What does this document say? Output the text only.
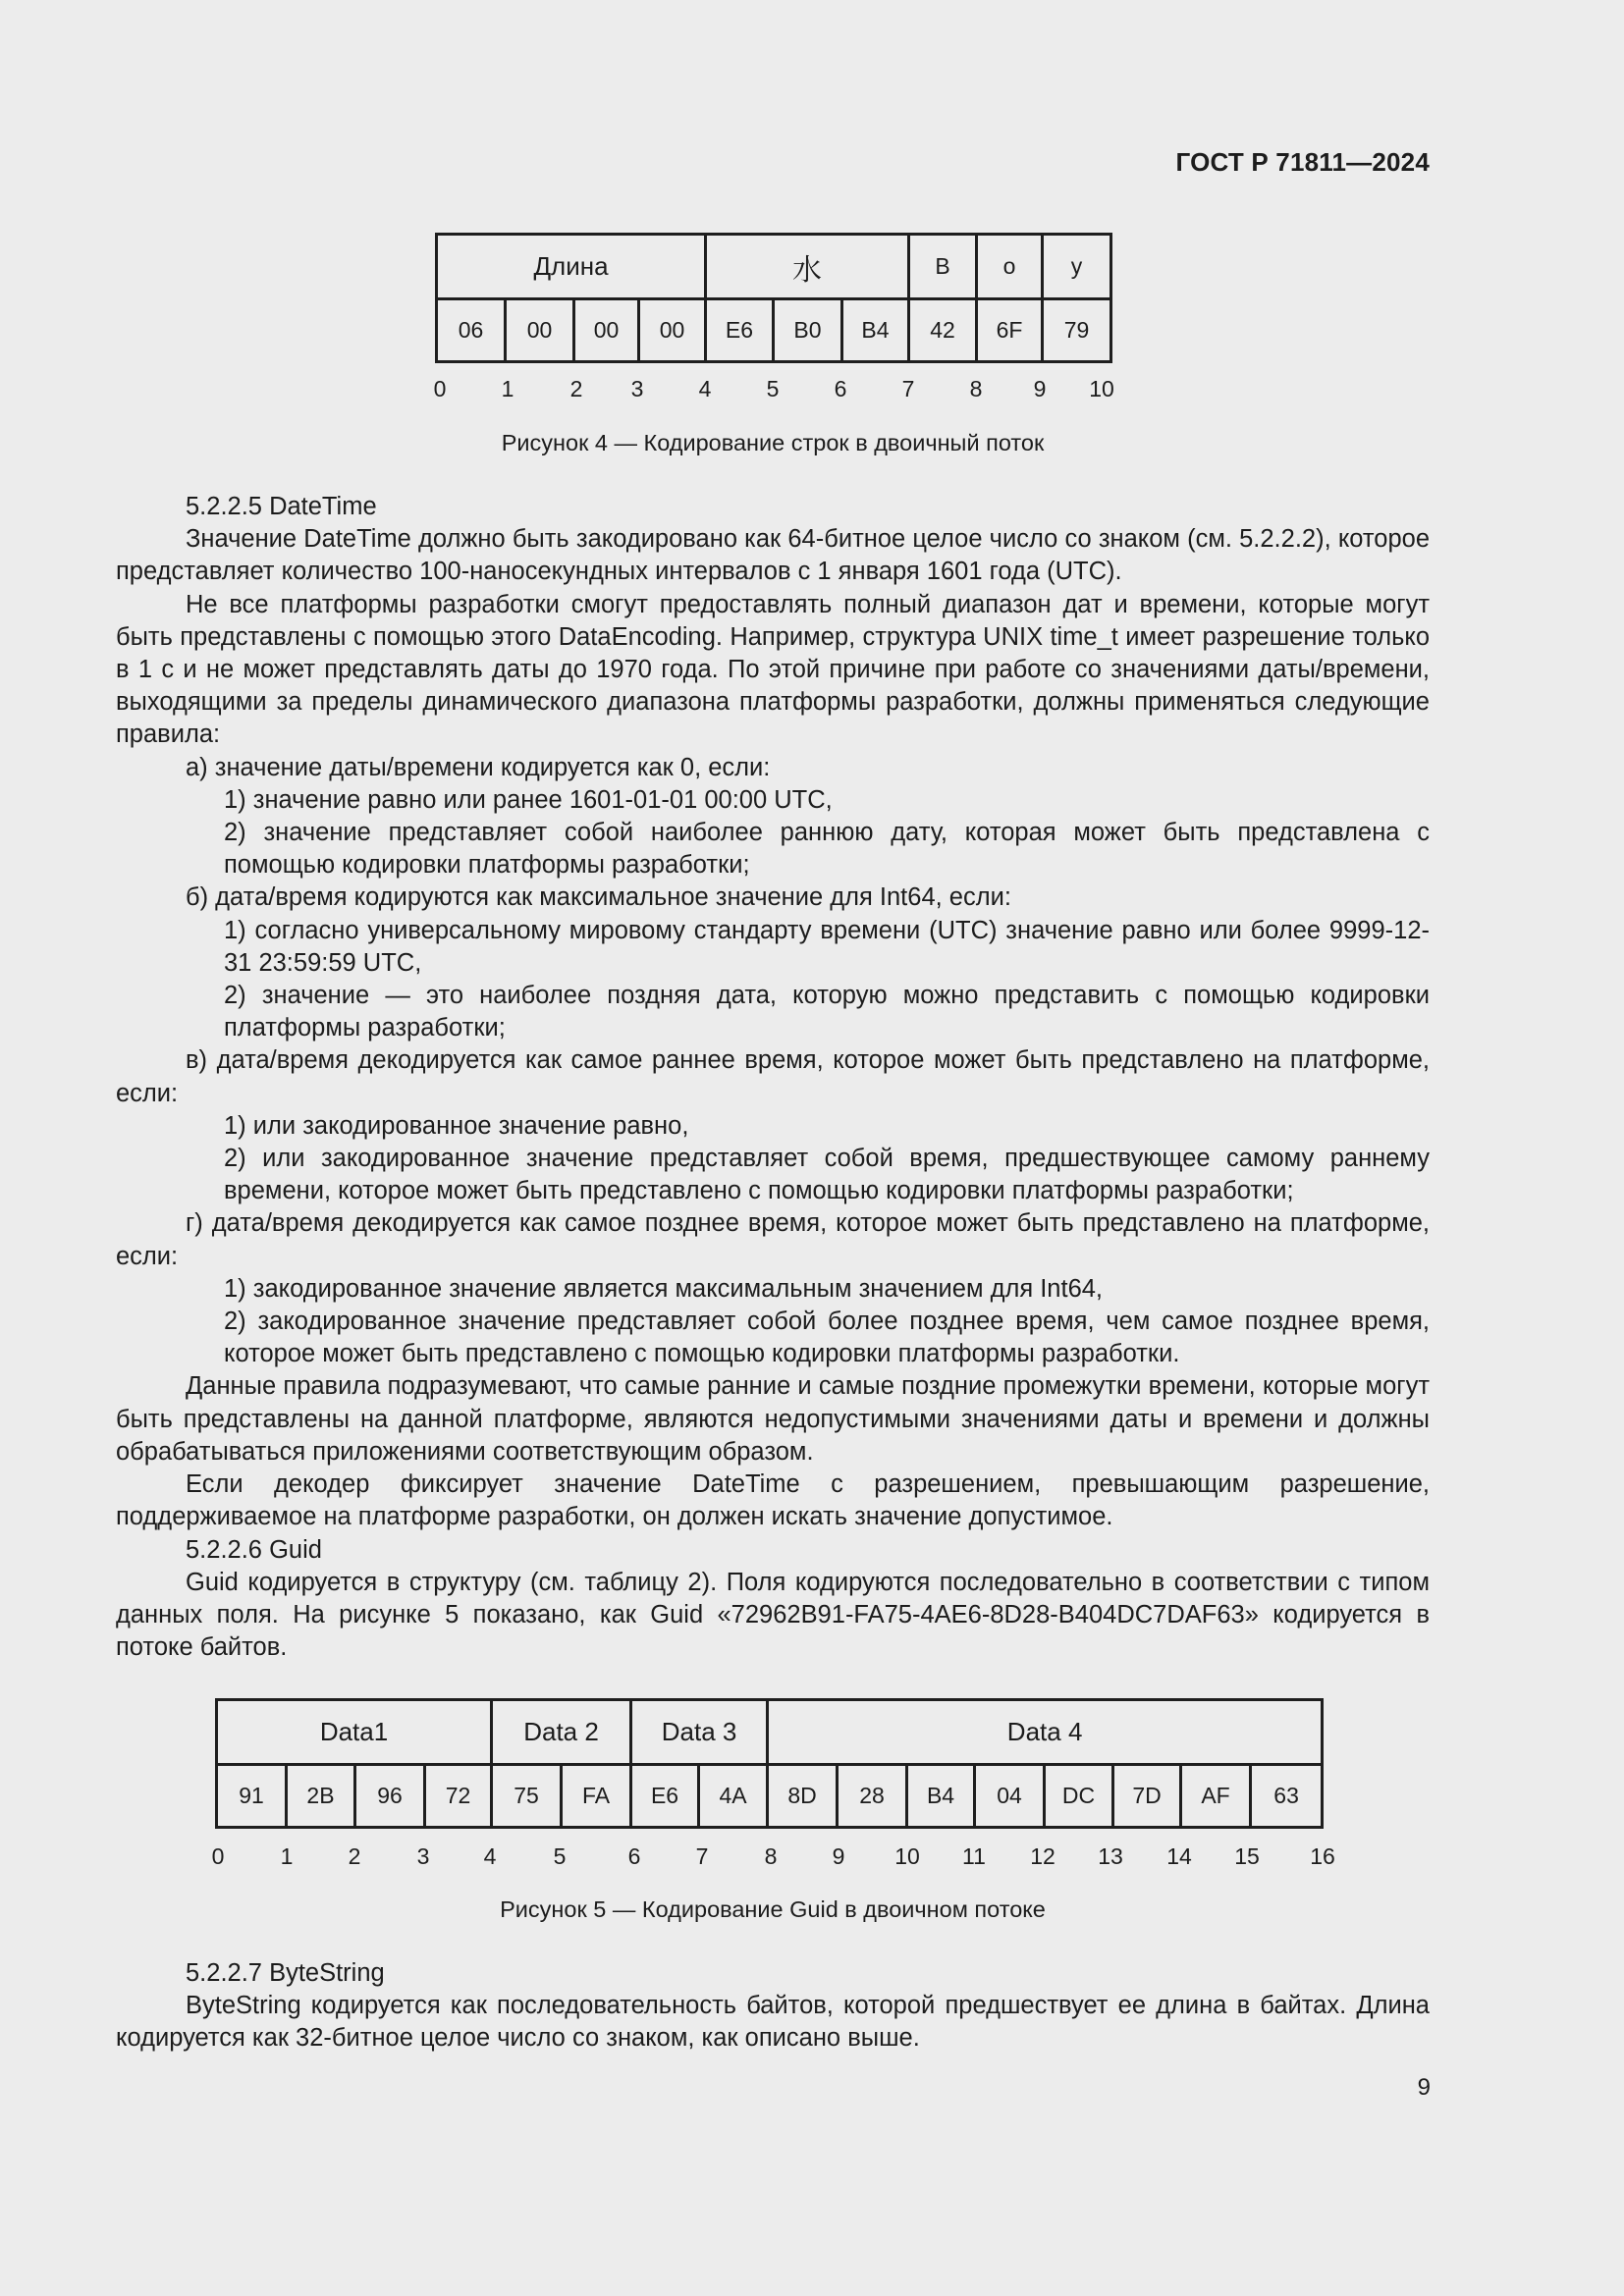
ГОСТ Р 71811—2024
Длина				水			B	o	y
06	00	00	00	E6	B0	B4	42	6F	79
0 1 2 3 4 5 6 7 8 9 10
Рисунок 4 — Кодирование строк в двоичный поток

5.2.2.5 DateTime

Значение DateTime должно быть закодировано как 64-битное целое число со знаком (см. 5.2.2.2), которое представляет количество 100-наносекундных интервалов с 1 января 1601 года (UTC).

Не все платформы разработки смогут предоставлять полный диапазон дат и времени, которые могут быть представлены с помощью этого DataEncoding. Например, структура UNIX time_t имеет разрешение только в 1 с и не может представлять даты до 1970 года. По этой причине при работе со значениями даты/времени, выходящими за пределы динамического диапазона платформы разработки, должны применяться следующие правила:

а) значение даты/времени кодируется как 0, если:

1) значение равно или ранее 1601-01-01 00:00 UTC,

2) значение представляет собой наиболее раннюю дату, которая может быть представлена с помощью кодировки платформы разработки;

б) дата/время кодируются как максимальное значение для Int64, если:

1) согласно универсальному мировому стандарту времени (UTC) значение равно или более 9999-12-31 23:59:59 UTC,

2) значение — это наиболее поздняя дата, которую можно представить с помощью кодировки платформы разработки;

в) дата/время декодируется как самое раннее время, которое может быть представлено на платформе, если:

1) или закодированное значение равно,

2) или закодированное значение представляет собой время, предшествующее самому раннему времени, которое может быть представлено с помощью кодировки платформы разработки;

г) дата/время декодируется как самое позднее время, которое может быть представлено на платформе, если:

1) закодированное значение является максимальным значением для Int64,

2) закодированное значение представляет собой более позднее время, чем самое позднее время, которое может быть представлено с помощью кодировки платформы разработки.

Данные правила подразумевают, что самые ранние и самые поздние промежутки времени, которые могут быть представлены на данной платформе, являются недопустимыми значениями даты и времени и должны обрабатываться приложениями соответствующим образом.

Если декодер фиксирует значение DateTime с разрешением, превышающим разрешение, поддерживаемое на платформе разработки, он должен искать значение допустимое.

5.2.2.6 Guid

Guid кодируется в структуру (см. таблицу 2). Поля кодируются последовательно в соответствии с типом данных поля. На рисунке 5 показано, как Guid «72962B91-FA75-4AE6-8D28-B404DC7DAF63» кодируется в потоке байтов.

Data1				Data 2		Data 3		Data 4							
91	2B	96	72	75	FA	E6	4A	8D	28	B4	04	DC	7D	AF	63
0 1 2 3 4	5	6 7 8 9 10 11 12 13 14 15 16
Рисунок 5 — Кодирование Guid в двоичном потоке

5.2.2.7 ByteString

ByteString кодируется как последовательность байтов, которой предшествует ее длина в байтах. Длина кодируется как 32-битное целое число со знаком, как описано выше.

9
